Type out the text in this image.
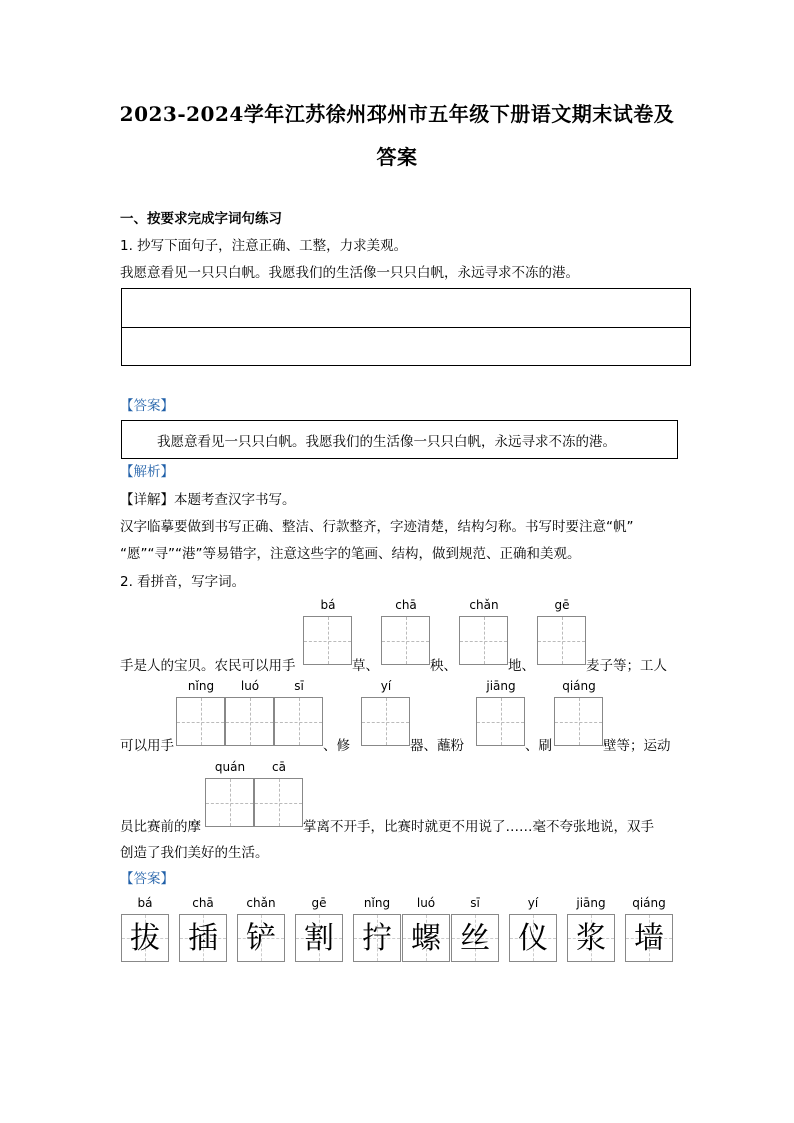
2023-2024学年江苏徐州邳州市五年级下册语文期末试卷及
答案
一、按要求完成字词句练习
1. 抄写下面句子，注意正确、工整，力求美观。
我愿意看见一只只白帆。我愿我们的生活像一只只白帆，永远寻求不冻的港。
【答案】
我愿意看见一只只白帆。我愿我们的生活像一只只白帆，永远寻求不冻的港。
【解析】
【详解】本题考查汉字书写。
汉字临摹要做到书写正确、整洁、行款整齐，字迹清楚，结构匀称。书写时要注意“帆”
“愿”“寻”“港”等易错字，注意这些字的笔画、结构，做到规范、正确和美观。
2. 看拼音，写字词。
bá	chā	chǎn	gē
手是人的宝贝。农民可以用手	草、	秧、	地、	麦子等；工人
nǐng	luó	sī	yí	jiāng	qiáng
可以用手	、修	器、蘸粉	、刷	壁等；运动
quán	cā
员比赛前的摩	掌离不开手，比赛时就更不用说了……毫不夸张地说，双手
创造了我们美好的生活。
【答案】
bá
拔
chā
插
chǎn
铲
gē
割
nǐng
拧
luó
螺
sī
丝
yí
仪
jiāng
浆
qiáng
墙
